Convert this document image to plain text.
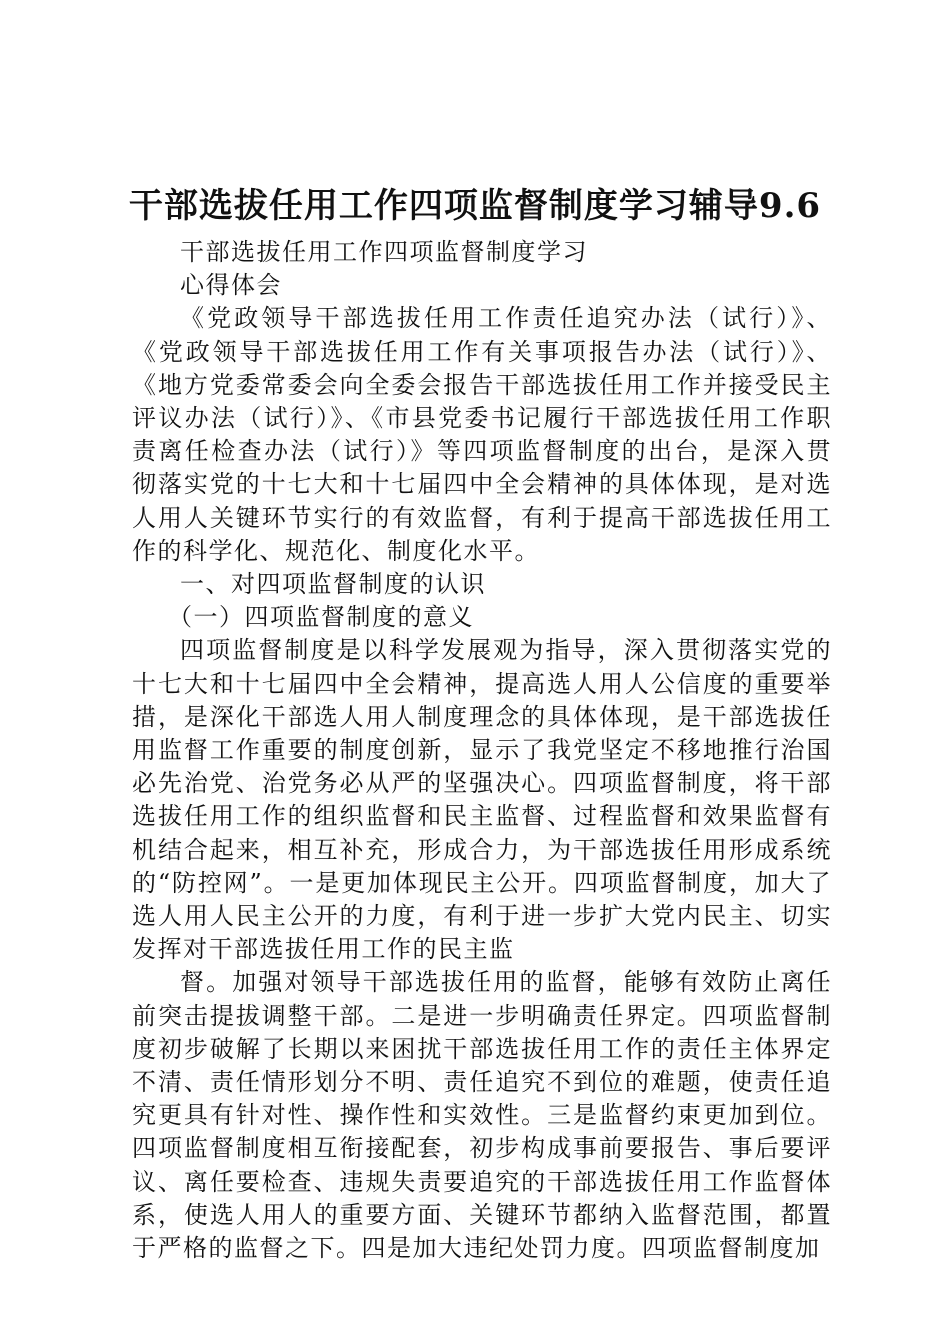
干部选拔任用工作四项监督制度学习辅导9.6

干部选拔任用工作四项监督制度学习

心得体会

《党政领导干部选拔任用工作责任追究办法（试行）》、《党政领导干部选拔任用工作有关事项报告办法（试行）》、《地方党委常委会向全委会报告干部选拔任用工作并接受民主评议办法（试行）》、《市县党委书记履行干部选拔任用工作职责离任检查办法（试行）》等四项监督制度的出台，是深入贯彻落实党的十七大和十七届四中全会精神的具体体现，是对选人用人关键环节实行的有效监督，有利于提高干部选拔任用工作的科学化、规范化、制度化水平。

一、对四项监督制度的认识

（一）四项监督制度的意义

四项监督制度是以科学发展观为指导，深入贯彻落实党的十七大和十七届四中全会精神，提高选人用人公信度的重要举措，是深化干部选人用人制度理念的具体体现，是干部选拔任用监督工作重要的制度创新，显示了我党坚定不移地推行治国必先治党、治党务必从严的坚强决心。四项监督制度，将干部选拔任用工作的组织监督和民主监督、过程监督和效果监督有机结合起来，相互补充，形成合力，为干部选拔任用形成系统的“防控网”。一是更加体现民主公开。四项监督制度，加大了选人用人民主公开的力度，有利于进一步扩大党内民主、切实发挥对干部选拔任用工作的民主监

督。加强对领导干部选拔任用的监督，能够有效防止离任前突击提拔调整干部。二是进一步明确责任界定。四项监督制度初步破解了长期以来困扰干部选拔任用工作的责任主体界定不清、责任情形划分不明、责任追究不到位的难题，使责任追究更具有针对性、操作性和实效性。三是监督约束更加到位。四项监督制度相互衔接配套，初步构成事前要报告、事后要评议、离任要检查、违规失责要追究的干部选拔任用工作监督体系，使选人用人的重要方面、关键环节都纳入监督范围，都置于严格的监督之下。四是加大违纪处罚力度。四项监督制度加
